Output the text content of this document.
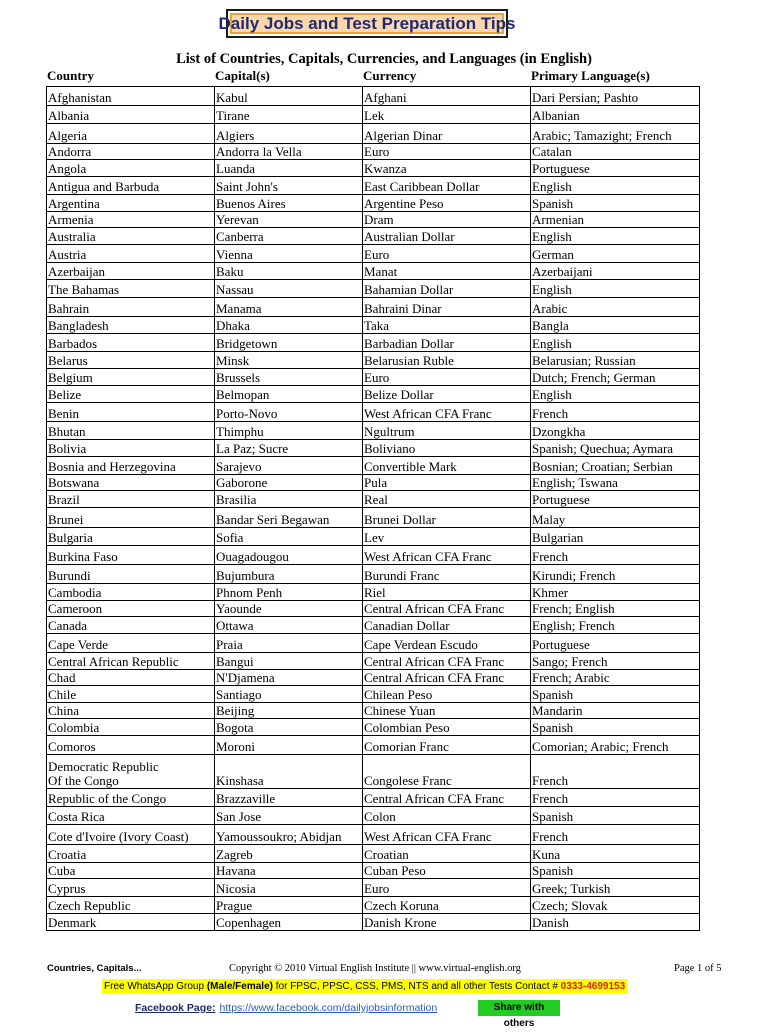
Daily Jobs and Test Preparation Tips
List of Countries, Capitals, Currencies, and Languages (in English)
Country	Capital(s)	Currency	Primary Language(s)
Afghanistan	Kabul	Afghani	Dari Persian; Pashto
Albania	Tirane	Lek	Albanian
Algeria	Algiers	Algerian Dinar	Arabic; Tamazight; French
Andorra	Andorra la Vella	Euro	Catalan
Angola	Luanda	Kwanza	Portuguese
Antigua and Barbuda	Saint John's	East Caribbean Dollar	English
Argentina	Buenos Aires	Argentine Peso	Spanish
Armenia	Yerevan	Dram	Armenian
Australia	Canberra	Australian Dollar	English
Austria	Vienna	Euro	German
Azerbaijan	Baku	Manat	Azerbaijani
The Bahamas	Nassau	Bahamian Dollar	English
Bahrain	Manama	Bahraini Dinar	Arabic
Bangladesh	Dhaka	Taka	Bangla
Barbados	Bridgetown	Barbadian Dollar	English
Belarus	Minsk	Belarusian Ruble	Belarusian; Russian
Belgium	Brussels	Euro	Dutch; French; German
Belize	Belmopan	Belize Dollar	English
Benin	Porto-Novo	West African CFA Franc	French
Bhutan	Thimphu	Ngultrum	Dzongkha
Bolivia	La Paz; Sucre	Boliviano	Spanish; Quechua; Aymara
Bosnia and Herzegovina	Sarajevo	Convertible Mark	Bosnian; Croatian; Serbian
Botswana	Gaborone	Pula	English; Tswana
Brazil	Brasilia	Real	Portuguese
Brunei	Bandar Seri Begawan	Brunei Dollar	Malay
Bulgaria	Sofia	Lev	Bulgarian
Burkina Faso	Ouagadougou	West African CFA Franc	French
Burundi	Bujumbura	Burundi Franc	Kirundi; French
Cambodia	Phnom Penh	Riel	Khmer
Cameroon	Yaounde	Central African CFA Franc	French; English
Canada	Ottawa	Canadian Dollar	English; French
Cape Verde	Praia	Cape Verdean Escudo	Portuguese
Central African Republic	Bangui	Central African CFA Franc	Sango; French
Chad	N'Djamena	Central African CFA Franc	French; Arabic
Chile	Santiago	Chilean Peso	Spanish
China	Beijing	Chinese Yuan	Mandarin
Colombia	Bogota	Colombian Peso	Spanish
Comoros	Moroni	Comorian Franc	Comorian; Arabic; French
Democratic Republic
Of the Congo	Kinshasa	Congolese Franc	French
Republic of the Congo	Brazzaville	Central African CFA Franc	French
Costa Rica	San Jose	Colon	Spanish
Cote d'Ivoire (Ivory Coast)	Yamoussoukro; Abidjan	West African CFA Franc	French
Croatia	Zagreb	Croatian	Kuna
Cuba	Havana	Cuban Peso	Spanish
Cyprus	Nicosia	Euro	Greek; Turkish
Czech Republic	Prague	Czech Koruna	Czech; Slovak
Denmark	Copenhagen	Danish Krone	Danish
Countries, Capitals...	Copyright © 2010 Virtual English Institute || www.virtual-english.org	Page 1 of 5
Free WhatsApp Group (Male/Female) for FPSC, PPSC, CSS, PMS, NTS and all other Tests Contact # 0333-4699153
Facebook Page: https://www.facebook.com/dailyjobsinformation	Share with others
